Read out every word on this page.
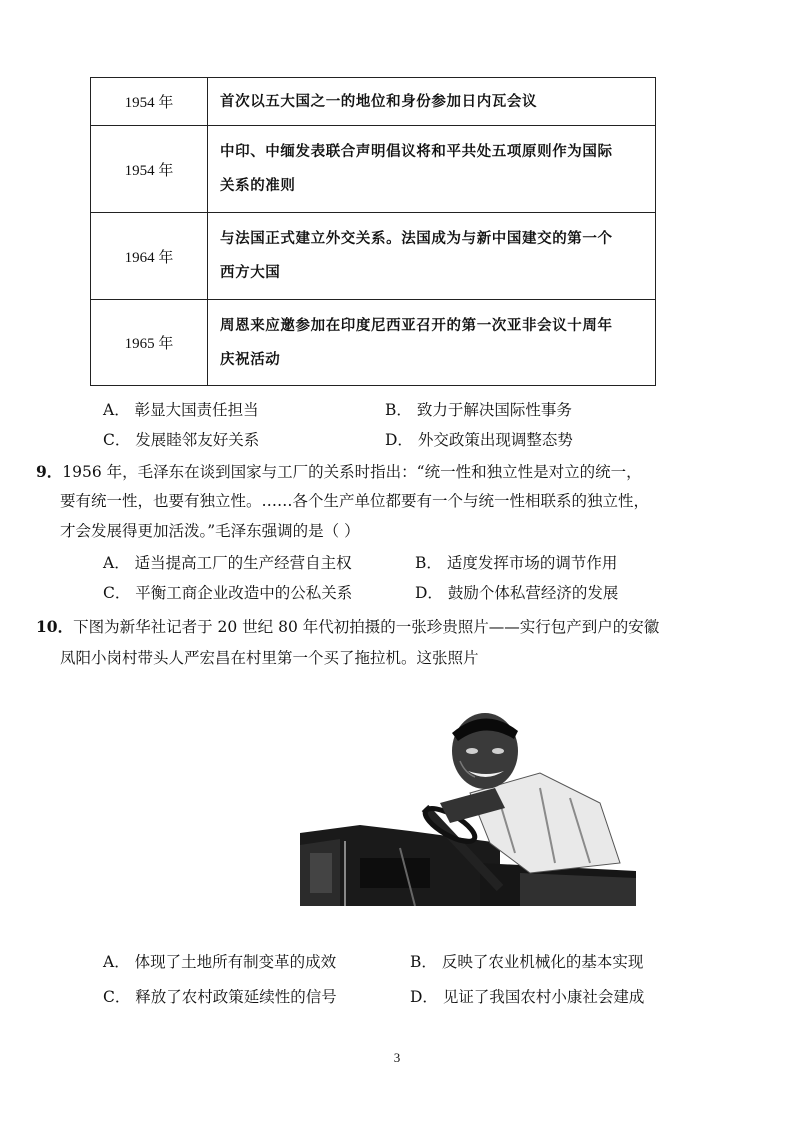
1954 年	首次以五大国之一的地位和身份参加日内瓦会议
1954 年	中印、中缅发表联合声明倡议将和平共处五项原则作为国际
关系的准则
1964 年	与法国正式建立外交关系。法国成为与新中国建交的第一个
西方大国
1965 年	周恩来应邀参加在印度尼西亚召开的第一次亚非会议十周年
庆祝活动
A． 彰显大国责任担当	B． 致力于解决国际性事务
C． 发展睦邻友好关系	D． 外交政策出现调整态势
9．1956 年，毛泽东在谈到国家与工厂的关系时指出：“统一性和独立性是对立的统一，
要有统一性，也要有独立性。……各个生产单位都要有一个与统一性相联系的独立性，
才会发展得更加活泼。”毛泽东强调的是（ ）
A． 适当提高工厂的生产经营自主权	B． 适度发挥市场的调节作用
C． 平衡工商企业改造中的公私关系	D． 鼓励个体私营经济的发展
10．下图为新华社记者于 20 世纪 80 年代初拍摄的一张珍贵照片——实行包产到户的安徽
凤阳小岗村带头人严宏昌在村里第一个买了拖拉机。这张照片
A． 体现了土地所有制变革的成效	B． 反映了农业机械化的基本实现
C． 释放了农村政策延续性的信号	D． 见证了我国农村小康社会建成
3
